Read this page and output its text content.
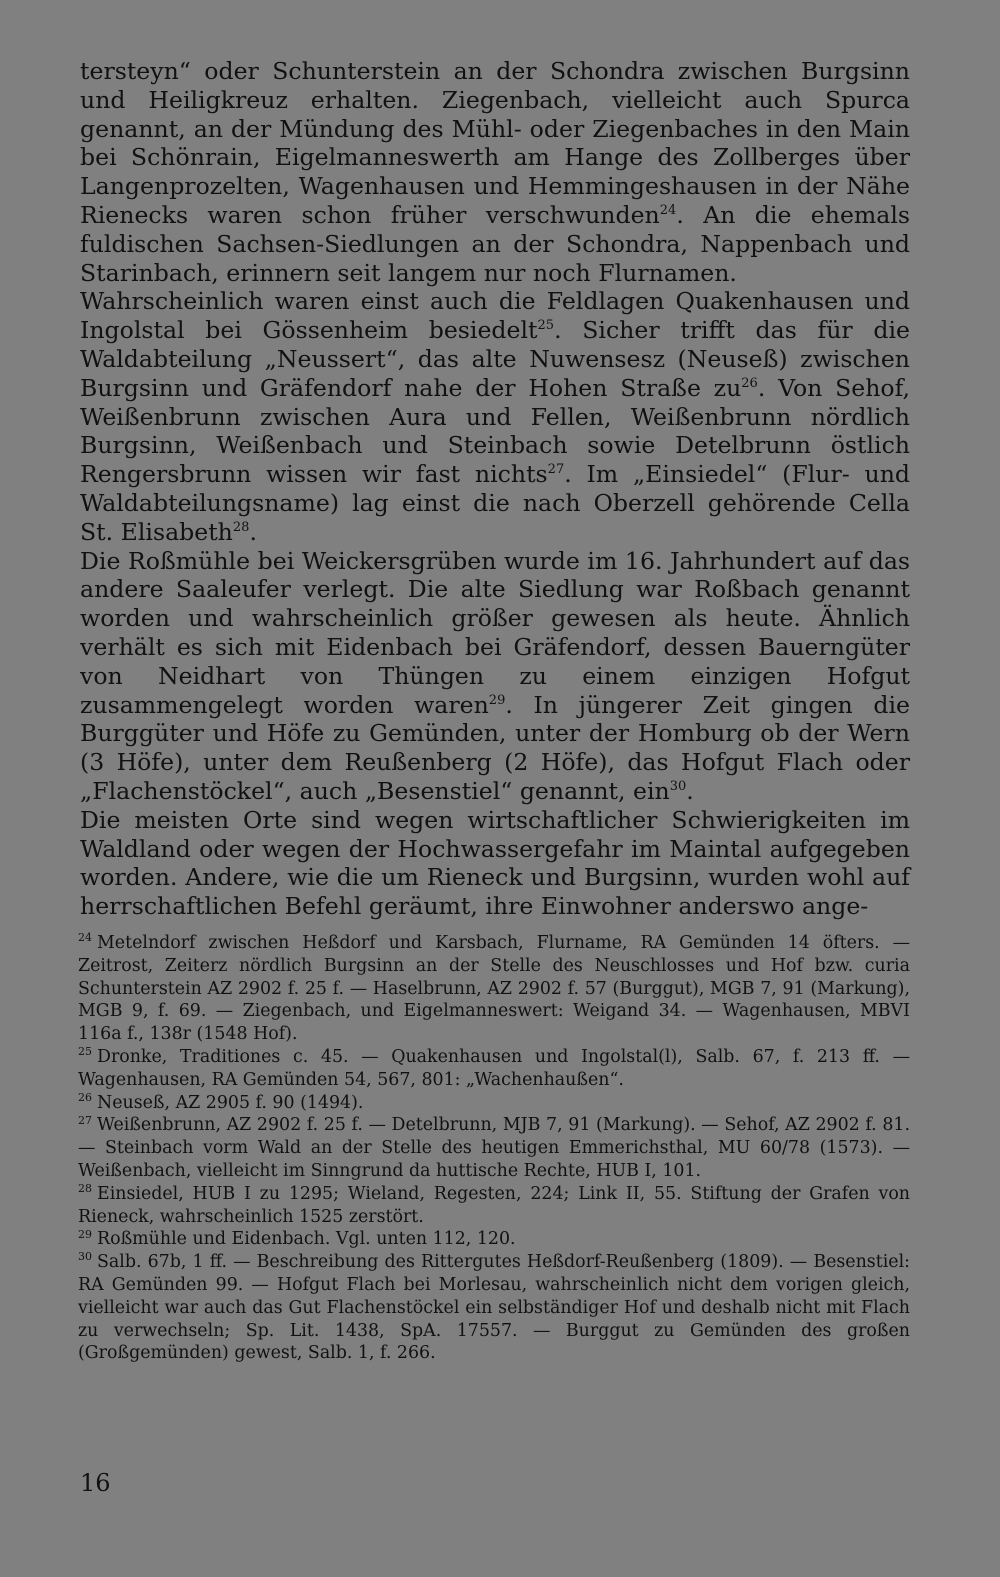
tersteyn“ oder Schunterstein an der Schondra zwischen Burgsinn und Heiligkreuz erhalten. Ziegenbach, vielleicht auch Spurca genannt, an der Mündung des Mühl- oder Ziegenbaches in den Main bei Schönrain, Eigelmanneswerth am Hange des Zollberges über Langenprozelten, Wagenhausen und Hemmingeshausen in der Nähe Rienecks waren schon früher verschwunden$^{24}$. An die ehemals fuldischen Sachsen-Siedlungen an der Schondra, Nappenbach und Starinbach, erinnern seit langem nur noch Flurnamen.

Wahrscheinlich waren einst auch die Feldlagen Quakenhausen und Ingolstal bei Gössenheim besiedelt$^{25}$. Sicher trifft das für die Waldabteilung „Neussert“, das alte Nuwensesz (Neuseß) zwischen Burgsinn und Gräfendorf nahe der Hohen Straße zu$^{26}$. Von Sehof, Weißenbrunn zwischen Aura und Fellen, Weißenbrunn nördlich Burgsinn, Weißenbach und Steinbach sowie Detelbrunn östlich Rengersbrunn wissen wir fast nichts$^{27}$. Im „Einsiedel“ (Flur- und Waldabteilungsname) lag einst die nach Oberzell gehörende Cella St. Elisabeth$^{28}$.

Die Roßmühle bei Weickersgrüben wurde im 16. Jahrhundert auf das andere Saaleufer verlegt. Die alte Siedlung war Roßbach genannt worden und wahrscheinlich größer gewesen als heute. Ähnlich verhält es sich mit Eidenbach bei Gräfendorf, dessen Bauerngüter von Neidhart von Thüngen zu einem einzigen Hofgut zusammengelegt worden waren$^{29}$. In jüngerer Zeit gingen die Burggüter und Höfe zu Gemünden, unter der Homburg ob der Wern (3 Höfe), unter dem Reußenberg (2 Höfe), das Hofgut Flach oder „Flachenstöckel“, auch „Besenstiel“ genannt, ein$^{30}$.

Die meisten Orte sind wegen wirtschaftlicher Schwierigkeiten im Waldland oder wegen der Hochwassergefahr im Maintal aufgegeben worden. Andere, wie die um Rieneck und Burgsinn, wurden wohl auf herrschaftlichen Befehl geräumt, ihre Einwohner anderswo ange-

$^{24}$ Metelndorf zwischen Heßdorf und Karsbach, Flurname, RA Gemünden 14 öfters. — Zeitrost, Zeiterz nördlich Burgsinn an der Stelle des Neuschlosses und Hof bzw. curia Schunterstein AZ 2902 f. 25 f. — Haselbrunn, AZ 2902 f. 57 (Burggut), MGB 7, 91 (Markung), MGB 9, f. 69. — Ziegenbach, und Eigelmanneswert: Weigand 34. — Wagenhausen, MBVI 116a f., 138r (1548 Hof).

$^{25}$ Dronke, Traditiones c. 45. — Quakenhausen und Ingolstal(l), Salb. 67, f. 213 ff. — Wagenhausen, RA Gemünden 54, 567, 801: „Wachenhaußen“.

$^{26}$ Neuseß, AZ 2905 f. 90 (1494).

$^{27}$ Weißenbrunn, AZ 2902 f. 25 f. — Detelbrunn, MJB 7, 91 (Markung). — Sehof, AZ 2902 f. 81. — Steinbach vorm Wald an der Stelle des heutigen Emmerichsthal, MU 60/78 (1573). — Weißenbach, vielleicht im Sinngrund da huttische Rechte, HUB I, 101.

$^{28}$ Einsiedel, HUB I zu 1295; Wieland, Regesten, 224; Link II, 55. Stiftung der Grafen von Rieneck, wahrscheinlich 1525 zerstört.

$^{29}$ Roßmühle und Eidenbach. Vgl. unten 112, 120.

$^{30}$ Salb. 67b, 1 ff. — Beschreibung des Rittergutes Heßdorf-Reußenberg (1809). — Besenstiel: RA Gemünden 99. — Hofgut Flach bei Morlesau, wahrscheinlich nicht dem vorigen gleich, vielleicht war auch das Gut Flachenstöckel ein selbständiger Hof und deshalb nicht mit Flach zu verwechseln; Sp. Lit. 1438, SpA. 17557. — Burggut zu Gemünden des großen (Großgemünden) gewest, Salb. 1, f. 266.

16
